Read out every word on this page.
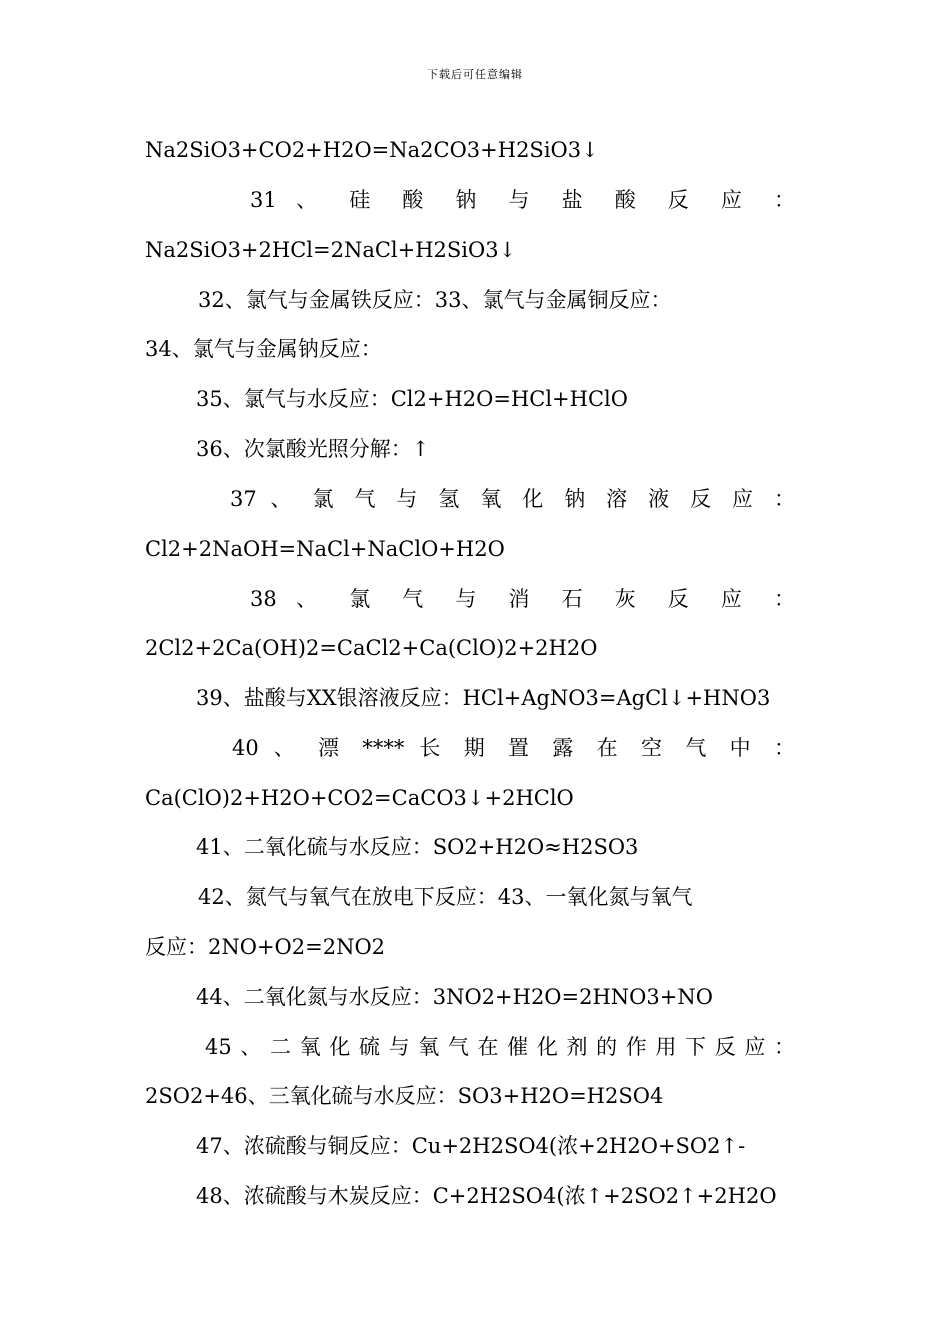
下载后可任意编辑
Na2SiO3+CO2+H2O=Na2CO3+H2SiO3↓
31 、 硅 酸 钠 与 盐 酸 反 应 ：
Na2SiO3+2HCl=2NaCl+H2SiO3↓
32、氯气与金属铁反应：33、氯气与金属铜反应：
34、氯气与金属钠反应：
35、氯气与水反应：Cl2+H2O=HCl+HClO
36、次氯酸光照分解：↑
37 、 氯 气 与 氢 氧 化 钠 溶 液 反 应 ：
Cl2+2NaOH=NaCl+NaClO+H2O
38 、 氯 气 与 消 石 灰 反 应 ：
2Cl2+2Ca(OH)2=CaCl2+Ca(ClO)2+2H2O
39、盐酸与XX银溶液反应：HCl+AgNO3=AgCl↓+HNO3
40 、 漂 **** 长 期 置 露 在 空 气 中 ：
Ca(ClO)2+H2O+CO2=CaCO3↓+2HClO
41、二氧化硫与水反应：SO2+H2O≈H2SO3
42、氮气与氧气在放电下反应：43、一氧化氮与氧气
反应：2NO+O2=2NO2
44、二氧化氮与水反应：3NO2+H2O=2HNO3+NO
45、二氧化硫与氧气在催化剂的作用下反应：
2SO2+46、三氧化硫与水反应：SO3+H2O=H2SO4
47、浓硫酸与铜反应：Cu+2H2SO4(浓+2H2O+SO2↑-
48、浓硫酸与木炭反应：C+2H2SO4(浓↑+2SO2↑+2H2O
